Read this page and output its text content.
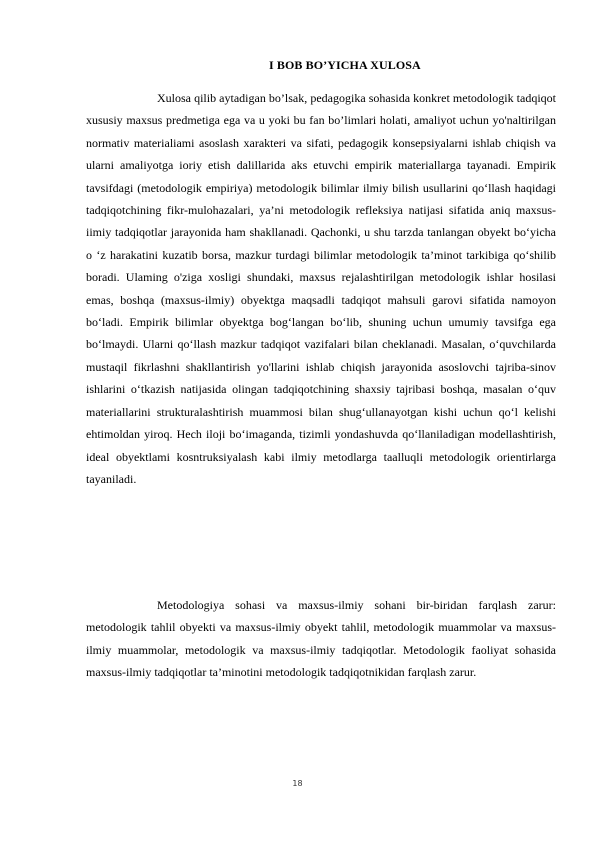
I BOB BO’YICHA XULOSA

Xulosa qilib aytadigan bo’lsak, pedagogika sohasida konkret metodologik tadqiqot xususiy maxsus predmetiga ega va u yoki bu fan bo’limlari holati, amaliyot uchun yo'naltirilgan normativ materialiami asoslash xarakteri va sifati, pedagogik konsepsiyalarni ishlab chiqish va ularni amaliyotga ioriy etish dalillarida aks etuvchi empirik materiallarga tayanadi. Empirik tavsifdagi (metodologik empiriya) metodologik bilimlar ilmiy bilish usullarini qo‘llash haqidagi tadqiqotchining fikr-mulohazalari, ya’ni metodologik refleksiya natijasi sifatida aniq maxsus-iimiy tadqiqotlar jarayonida ham shakllanadi. Qachonki, u shu tarzda tanlangan obyekt bo‘yicha o ‘z harakatini kuzatib borsa, mazkur turdagi bilimlar metodologik ta’minot tarkibiga qo‘shilib boradi. Ulaming o'ziga xosligi shundaki, maxsus rejalashtirilgan metodologik ishlar hosilasi emas, boshqa (maxsus-ilmiy) obyektga maqsadli tadqiqot mahsuli garovi sifatida namoyon bo‘ladi. Empirik bilimlar obyektga bog‘langan bo‘lib, shuning uchun umumiy tavsifga ega bo‘lmaydi. Ularni qo‘llash mazkur tadqiqot vazifalari bilan cheklanadi. Masalan, o‘quvchilarda mustaqil fikrlashni shakllantirish yo'llarini ishlab chiqish jarayonida asoslovchi tajriba-sinov ishlarini o‘tkazish natijasida olingan tadqiqotchining shaxsiy tajribasi boshqa, masalan o‘quv materiallarini strukturalashtirish muammosi bilan shug‘ullanayotgan kishi uchun qo‘l kelishi ehtimoldan yiroq. Hech iloji bo‘imaganda, tizimli yondashuvda qo‘llaniladigan modellashtirish, ideal obyektlami kosntruksiyalash kabi ilmiy metodlarga taalluqli metodologik orientirlarga tayaniladi.

Metodologiya sohasi va maxsus-ilmiy sohani bir-biridan farqlash zarur: metodologik tahlil obyekti va maxsus-ilmiy obyekt tahlil, metodologik muammolar va maxsus-ilmiy muammolar, metodologik va maxsus-ilmiy tadqiqotlar. Metodologik faoliyat sohasida maxsus-ilmiy tadqiqotlar ta’minotini metodologik tadqiqotnikidan farqlash zarur.

18
